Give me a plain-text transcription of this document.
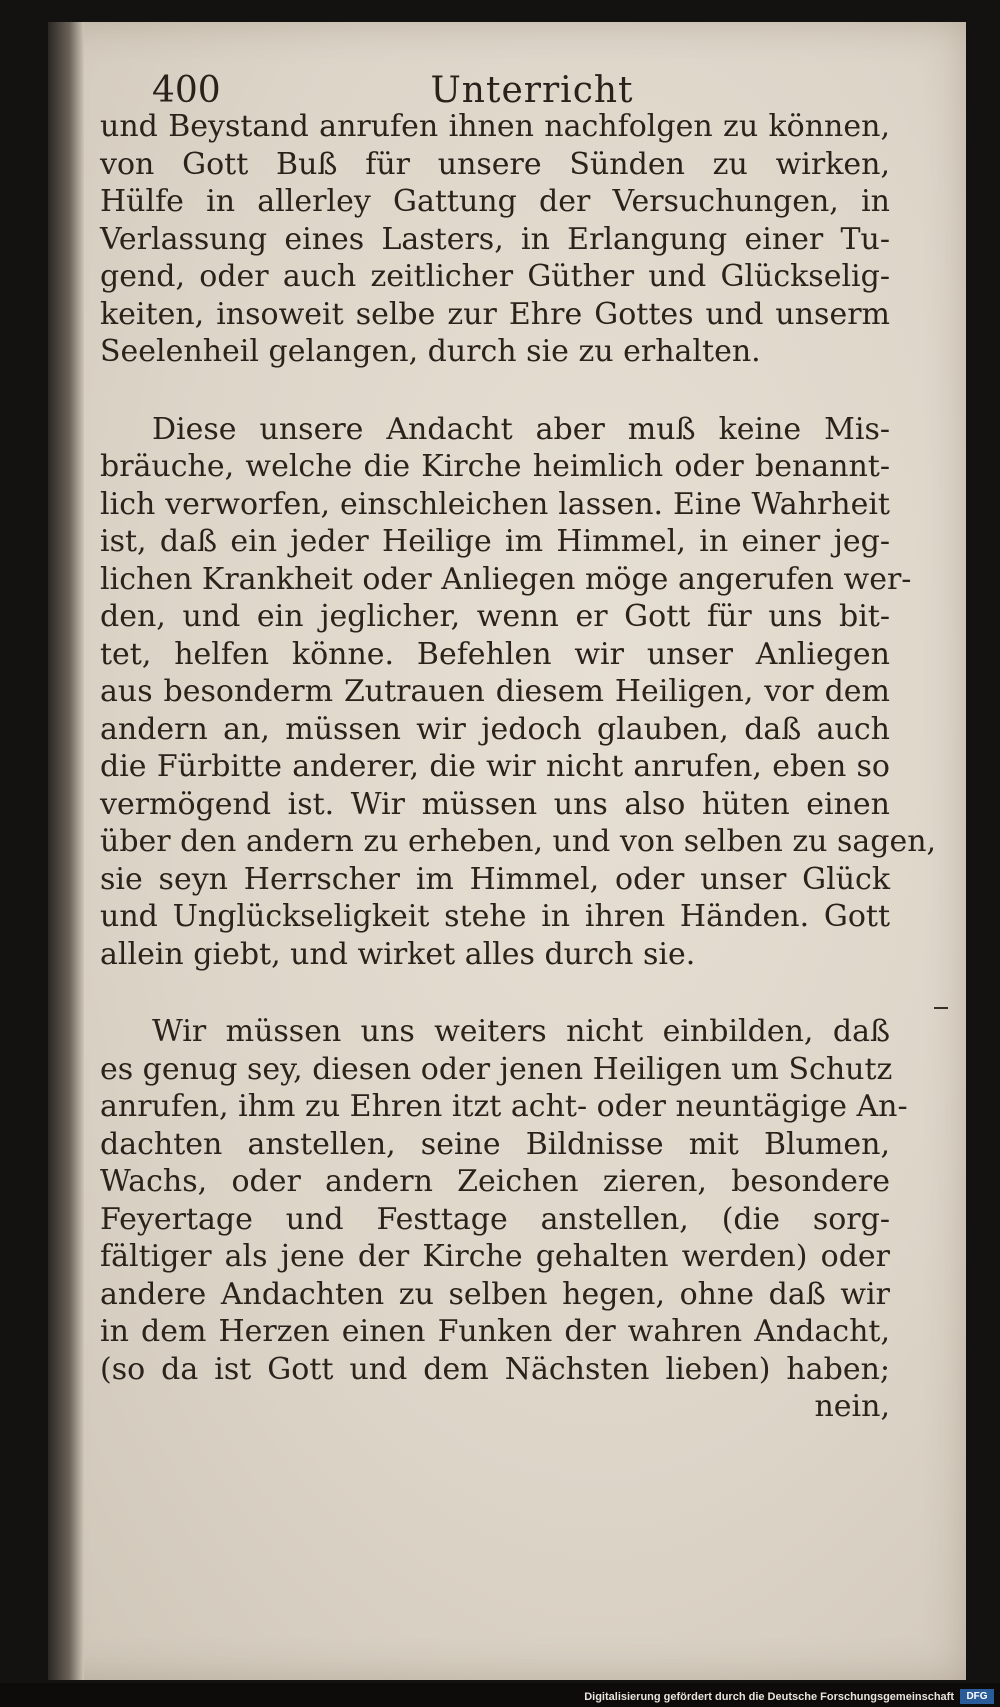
400	Unterricht

und Beystand anrufen ihnen nachfolgen zu können,
von Gott Buß für unsere Sünden zu wirken,
Hülfe in allerley Gattung der Versuchungen, in
Verlassung eines Lasters, in Erlangung einer Tu-
gend, oder auch zeitlicher Güther und Glückselig-
keiten, insoweit selbe zur Ehre Gottes und unserm
Seelenheil gelangen, durch sie zu erhalten.

Diese unsere Andacht aber muß keine Mis-
bräuche, welche die Kirche heimlich oder benannt-
lich verworfen, einschleichen lassen. Eine Wahrheit
ist, daß ein jeder Heilige im Himmel, in einer jeg-
lichen Krankheit oder Anliegen möge angerufen wer-
den, und ein jeglicher, wenn er Gott für uns bit-
tet, helfen könne. Befehlen wir unser Anliegen
aus besonderm Zutrauen diesem Heiligen, vor dem
andern an, müssen wir jedoch glauben, daß auch
die Fürbitte anderer, die wir nicht anrufen, eben so
vermögend ist. Wir müssen uns also hüten einen
über den andern zu erheben, und von selben zu sagen,
sie seyn Herrscher im Himmel, oder unser Glück
und Unglückseligkeit stehe in ihren Händen. Gott
allein giebt, und wirket alles durch sie.

Wir müssen uns weiters nicht einbilden, daß
es genug sey, diesen oder jenen Heiligen um Schutz
anrufen, ihm zu Ehren itzt acht- oder neuntägige An-
dachten anstellen, seine Bildnisse mit Blumen,
Wachs, oder andern Zeichen zieren, besondere
Feyertage und Festtage anstellen, (die sorg-
fältiger als jene der Kirche gehalten werden) oder
andere Andachten zu selben hegen, ohne daß wir
in dem Herzen einen Funken der wahren Andacht,
(so da ist Gott und dem Nächsten lieben) haben;
nein,

Digitalisierung gefördert durch die Deutsche Forschungsgemeinschaft	DFG
